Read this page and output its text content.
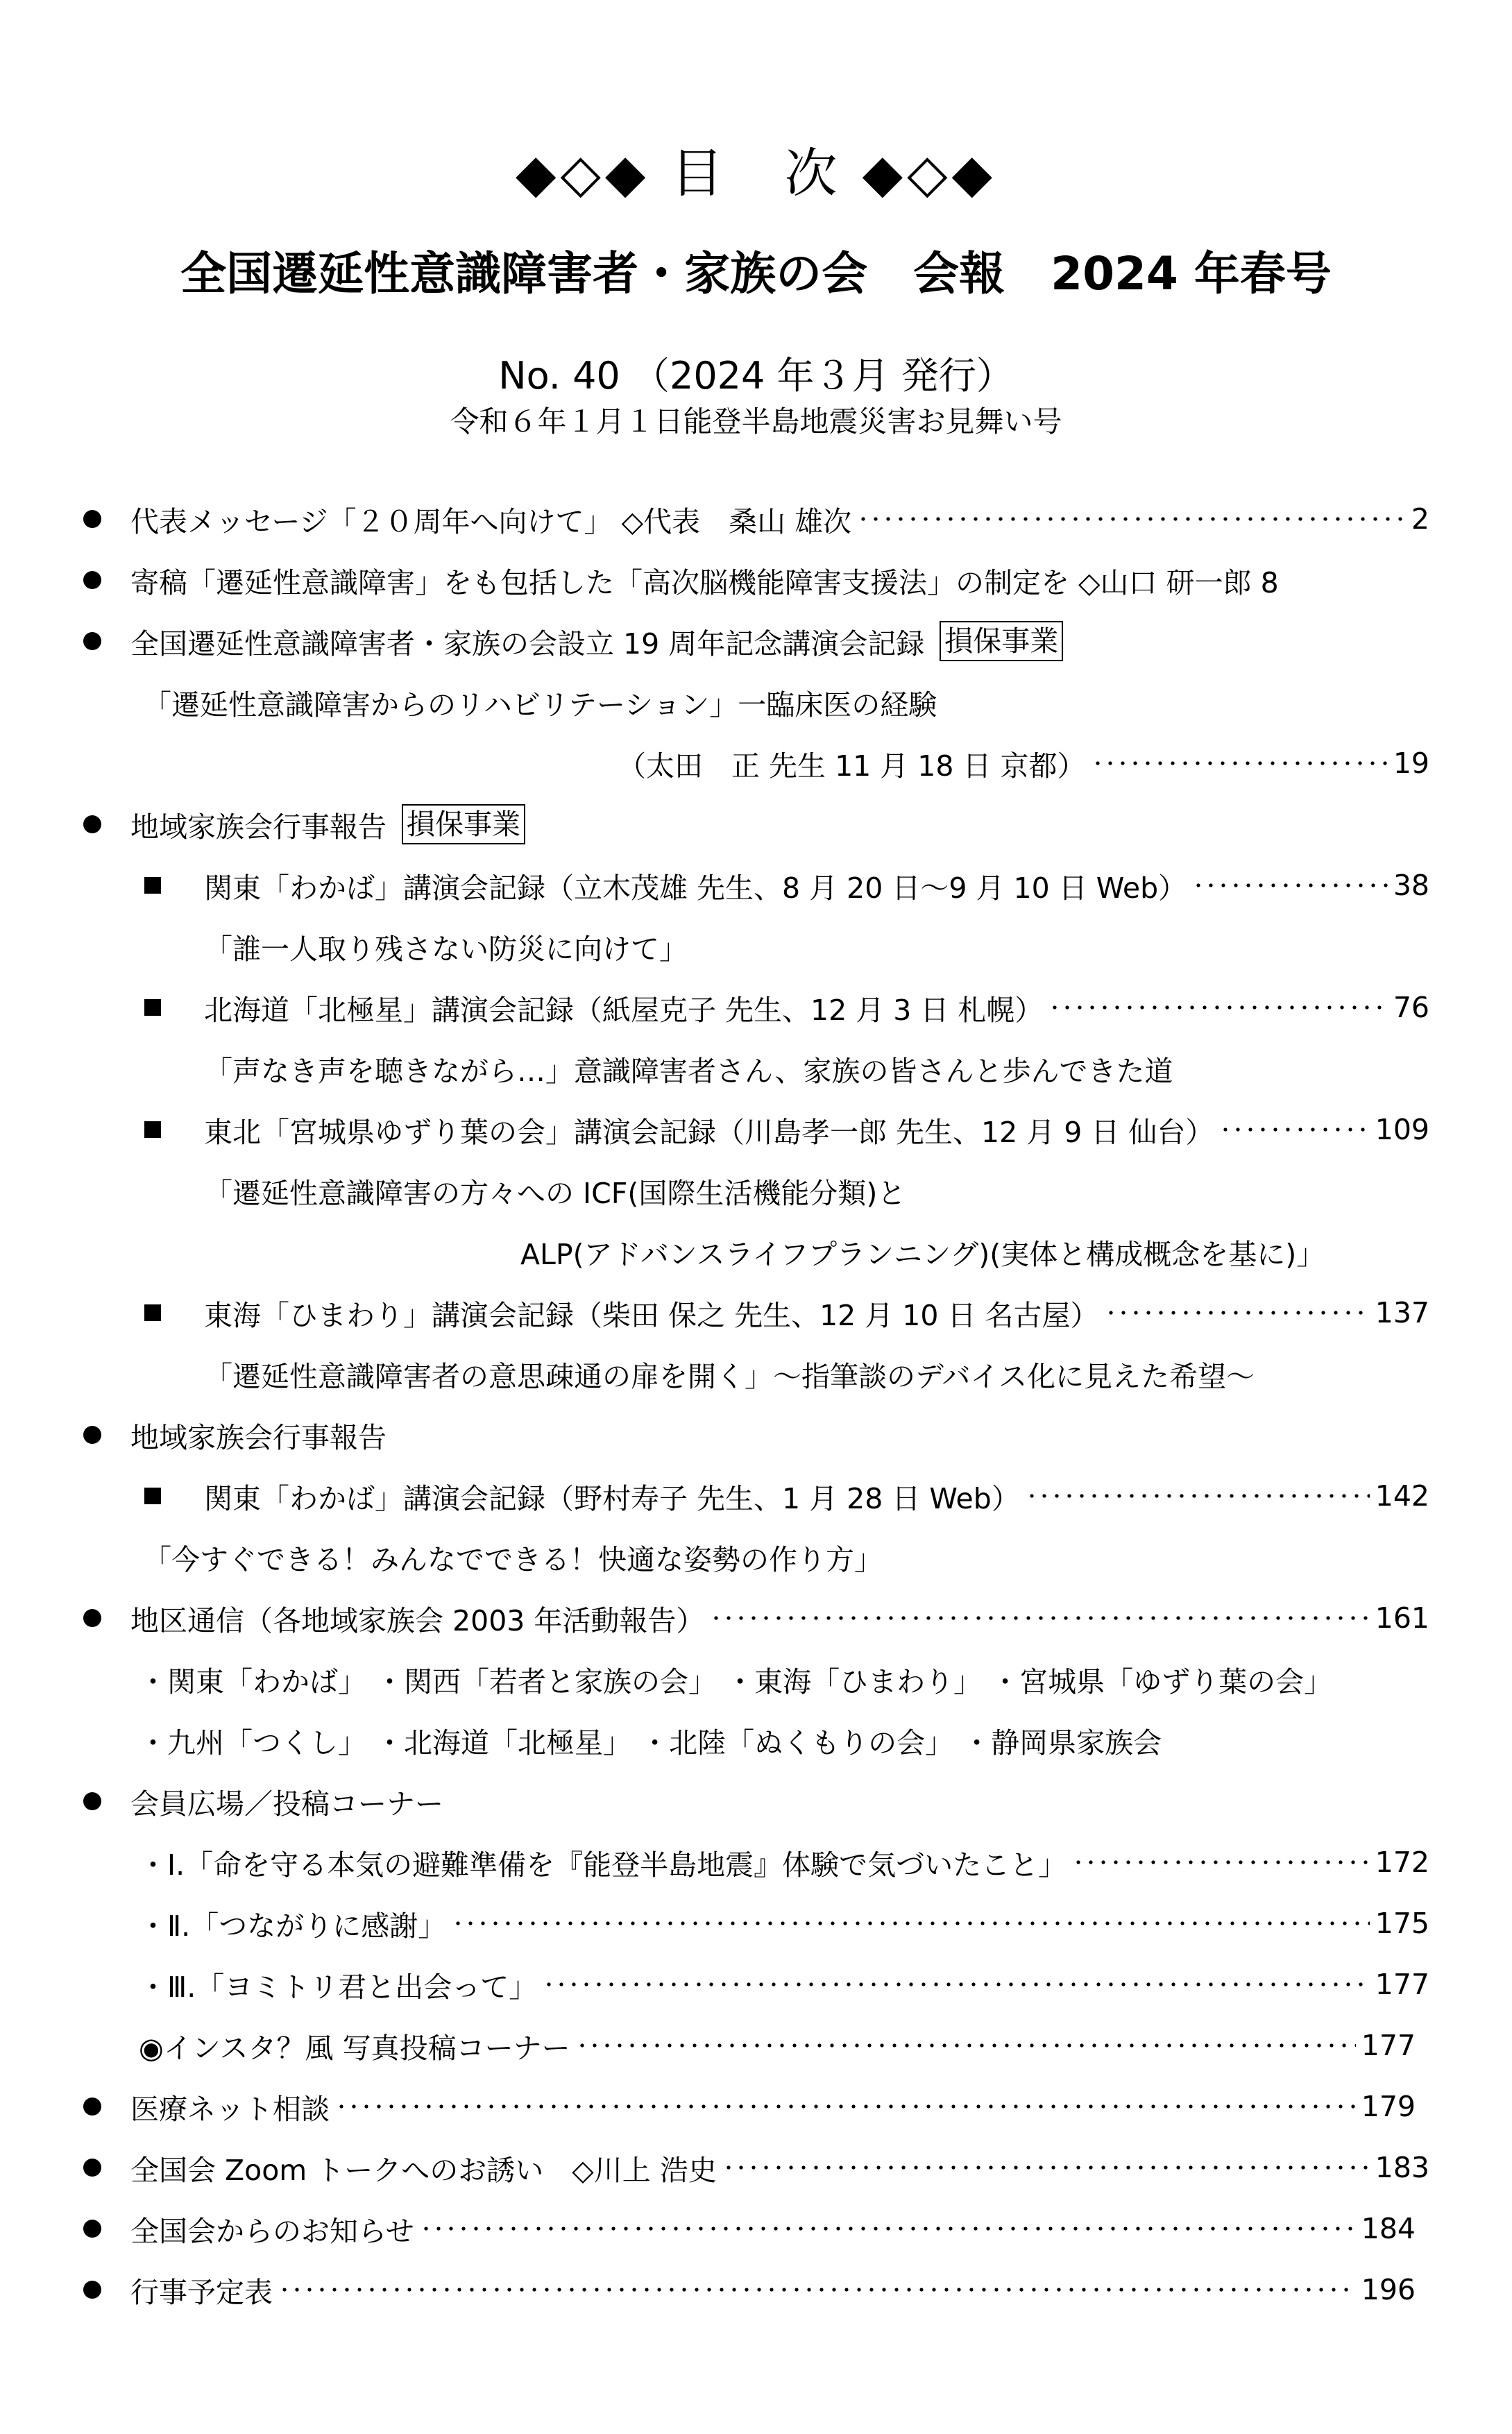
◆◇◆ 目　次 ◆◇◆
全国遷延性意識障害者・家族の会　会報　2024 年春号
No. 40 （2024 年３月 発行）
令和６年１月１日能登半島地震災害お見舞い号
代表メッセージ「２０周年へ向けて」 ◇代表　桑山 雄次	2
寄稿「遷延性意識障害」をも包括した「高次脳機能障害支援法」の制定を ◇山口 研一郎 8
全国遷延性意識障害者・家族の会設立 19 周年記念講演会記録 損保事業
「遷延性意識障害からのリハビリテーション」一臨床医の経験
（太田　正 先生 11 月 18 日 京都）	19
地域家族会行事報告 損保事業
関東「わかば」講演会記録（立木茂雄 先生、8 月 20 日～9 月 10 日 Web）	38
「誰一人取り残さない防災に向けて」
北海道「北極星」講演会記録（紙屋克子 先生、12 月 3 日 札幌）	76
「声なき声を聴きながら…」意識障害者さん、家族の皆さんと歩んできた道
東北「宮城県ゆずり葉の会」講演会記録（川島孝一郎 先生、12 月 9 日 仙台）	109
「遷延性意識障害の方々への ICF(国際生活機能分類)と
ALP(アドバンスライフプランニング)(実体と構成概念を基に)」
東海「ひまわり」講演会記録（柴田 保之 先生、12 月 10 日 名古屋）	137
「遷延性意識障害者の意思疎通の扉を開く」～指筆談のデバイス化に見えた希望～
地域家族会行事報告
関東「わかば」講演会記録（野村寿子 先生、1 月 28 日 Web）	142
「今すぐできる！みんなでできる！快適な姿勢の作り方」
地区通信（各地域家族会 2003 年活動報告）	161
・関東「わかば」 ・関西「若者と家族の会」 ・東海「ひまわり」 ・宮城県「ゆずり葉の会」
・九州「つくし」 ・北海道「北極星」 ・北陸「ぬくもりの会」 ・静岡県家族会
会員広場／投稿コーナー
・Ⅰ.「命を守る本気の避難準備を『能登半島地震』体験で気づいたこと」	172
・Ⅱ.「つながりに感謝」	175
・Ⅲ.「ヨミトリ君と出会って」	177
◉インスタ？風 写真投稿コーナー	177
医療ネット相談	179
全国会 Zoom トークへのお誘い　◇川上 浩史	183
全国会からのお知らせ	184
行事予定表	196
